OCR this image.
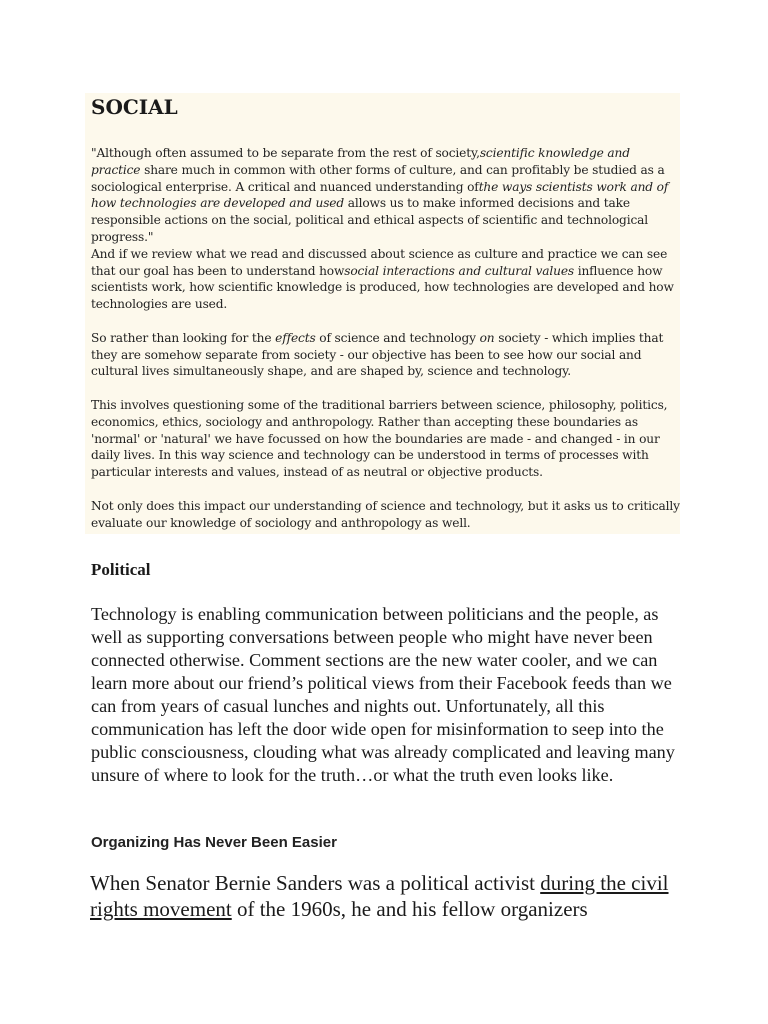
SOCIAL

"Although often assumed to be separate from the rest of society,scientific knowledge and practice share much in common with other forms of culture, and can profitably be studied as a sociological enterprise. A critical and nuanced understanding ofthe ways scientists work and of how technologies are developed and used allows us to make informed decisions and take responsible actions on the social, political and ethical aspects of scientific and technological progress."

And if we review what we read and discussed about science as culture and practice we can see that our goal has been to understand howsocial interactions and cultural values influence how scientists work, how scientific knowledge is produced, how technologies are developed and how technologies are used.

So rather than looking for the effects of science and technology on society - which implies that they are somehow separate from society - our objective has been to see how our social and cultural lives simultaneously shape, and are shaped by, science and technology.

This involves questioning some of the traditional barriers between science, philosophy, politics, economics, ethics, sociology and anthropology. Rather than accepting these boundaries as 'normal' or 'natural' we have focussed on how the boundaries are made - and changed - in our daily lives. In this way science and technology can be understood in terms of processes with particular interests and values, instead of as neutral or objective products.

Not only does this impact our understanding of science and technology, but it asks us to critically evaluate our knowledge of sociology and anthropology as well.

Political

Technology is enabling communication between politicians and the people, as well as supporting conversations between people who might have never been connected otherwise. Comment sections are the new water cooler, and we can learn more about our friend’s political views from their Facebook feeds than we can from years of casual lunches and nights out. Unfortunately, all this communication has left the door wide open for misinformation to seep into the public consciousness, clouding what was already complicated and leaving many unsure of where to look for the truth…or what the truth even looks like.

Organizing Has Never Been Easier

When Senator Bernie Sanders was a political activist during the civil rights movement of the 1960s, he and his fellow organizers
